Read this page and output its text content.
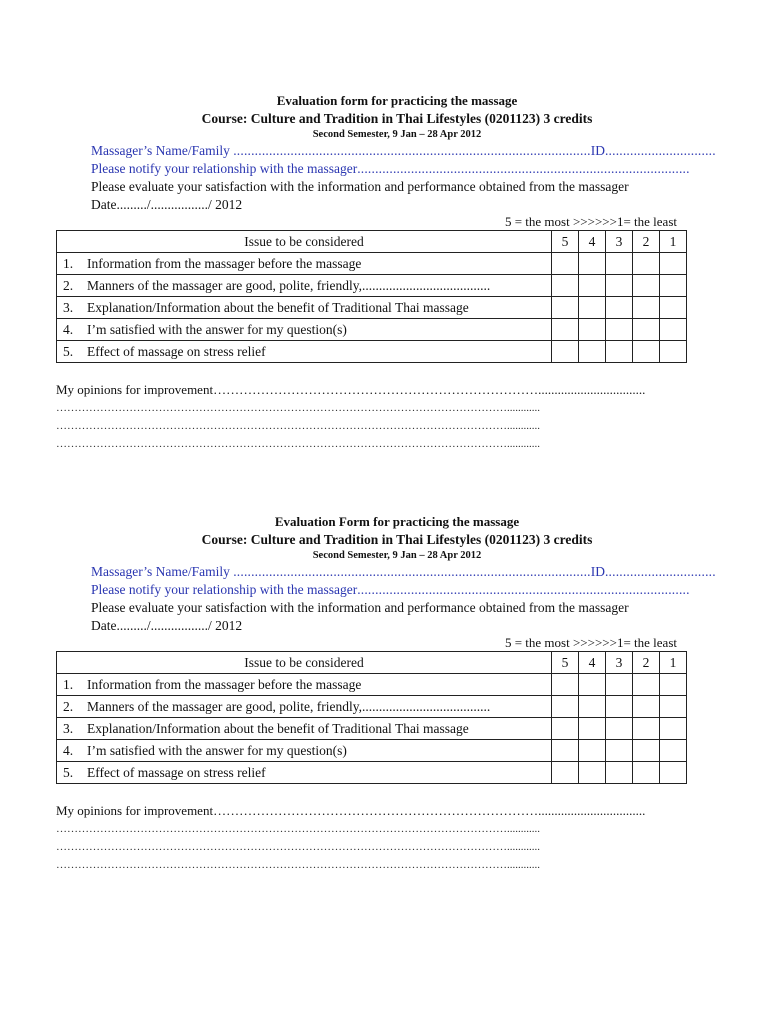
Evaluation form for practicing the massage
Course: Culture and Tradition in Thai Lifestyles (0201123) 3 credits
Second Semester, 9 Jan – 28 Apr 2012
Massager’s Name/Family ....................................................................................................ID...............................
Please notify your relationship with the massager.............................................................................................
Please evaluate your satisfaction with the information and performance obtained from the massager
Date........./................./ 2012
5 = the most >>>>>>1= the least
Issue to be considered	5	4	3	2	1
1. Information from the massager before the massage					
2. Manners of the massager are good, polite, friendly,......................................					
3. Explanation/Information about the benefit of Traditional Thai massage					
4. I’m satisfied with the answer for my question(s)					
5. Effect of massage on stress relief					
My opinions for improvement………………………………………………………………….................................
……………………………………………………………………………………………………………............
……………………………………………………………………………………………………………............
……………………………………………………………………………………………………………............
Evaluation Form for practicing the massage
Course: Culture and Tradition in Thai Lifestyles (0201123) 3 credits
Second Semester, 9 Jan – 28 Apr 2012
Massager’s Name/Family ....................................................................................................ID...............................
Please notify your relationship with the massager.............................................................................................
Please evaluate your satisfaction with the information and performance obtained from the massager
Date........./................./ 2012
5 = the most >>>>>>1= the least
Issue to be considered	5	4	3	2	1
1. Information from the massager before the massage					
2. Manners of the massager are good, polite, friendly,......................................					
3. Explanation/Information about the benefit of Traditional Thai massage					
4. I’m satisfied with the answer for my question(s)					
5. Effect of massage on stress relief					
My opinions for improvement………………………………………………………………….................................
……………………………………………………………………………………………………………............
……………………………………………………………………………………………………………............
……………………………………………………………………………………………………………............
